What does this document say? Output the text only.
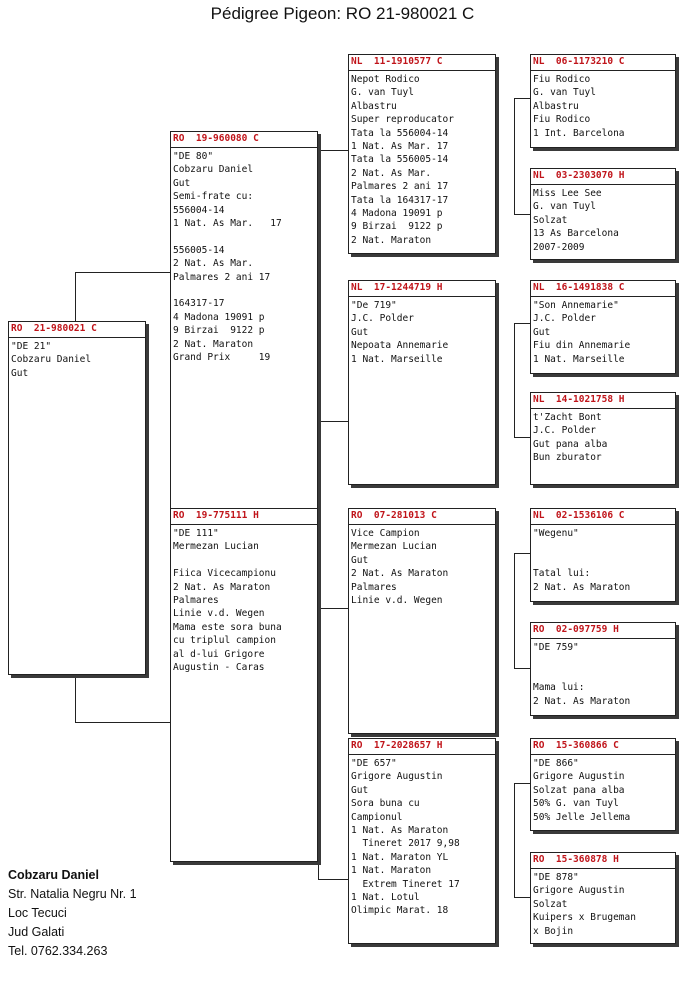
Pédigree Pigeon: RO 21-980021 C
RO  21-980021 C
"DE 21"
Cobzaru Daniel
Gut
RO  19-960080 C
"DE 80"
Cobzaru Daniel
Gut
Semi-frate cu:
556004-14
1 Nat. As Mar.   17
556005-14
2 Nat. As Mar.
Palmares 2 ani 17
164317-17
4 Madona 19091 p
9 Birzai  9122 p
2 Nat. Maraton
Grand Prix     19
RO  19-775111 H
"DE 111"
Mermezan Lucian
Fiica Vicecampionu
2 Nat. As Maraton
Palmares
Linie v.d. Wegen
Mama este sora buna
cu triplul campion
al d-lui Grigore
Augustin - Caras
NL  11-1910577 C
Nepot Rodico
G. van Tuyl
Albastru
Super reproducator
Tata la 556004-14
1 Nat. As Mar. 17
Tata la 556005-14
2 Nat. As Mar.
Palmares 2 ani 17
Tata la 164317-17
4 Madona 19091 p
9 Birzai  9122 p
2 Nat. Maraton
NL  17-1244719 H
"De 719"
J.C. Polder
Gut
Nepoata Annemarie
1 Nat. Marseille
RO  07-281013 C
Vice Campion
Mermezan Lucian
Gut
2 Nat. As Maraton
Palmares
Linie v.d. Wegen
RO  17-2028657 H
"DE 657"
Grigore Augustin
Gut
Sora buna cu
Campionul
1 Nat. As Maraton
Tineret 2017 9,98
1 Nat. Maraton YL
1 Nat. Maraton
Extrem Tineret 17
1 Nat. Lotul
Olimpic Marat. 18
NL  06-1173210 C
Fiu Rodico
G. van Tuyl
Albastru
Fiu Rodico
1 Int. Barcelona
NL  03-2303070 H
Miss Lee See
G. van Tuyl
Solzat
13 As Barcelona
2007-2009
NL  16-1491838 C
"Son Annemarie"
J.C. Polder
Gut
Fiu din Annemarie
1 Nat. Marseille
NL  14-1021758 H
t'Zacht Bont
J.C. Polder
Gut pana alba
Bun zburator
NL  02-1536106 C
"Wegenu"
Tatal lui:
2 Nat. As Maraton
RO  02-097759 H
"DE 759"
Mama lui:
2 Nat. As Maraton
RO  15-360866 C
"DE 866"
Grigore Augustin
Solzat pana alba
50% G. van Tuyl
50% Jelle Jellema
RO  15-360878 H
"DE 878"
Grigore Augustin
Solzat
Kuipers x Brugeman
x Bojin
Cobzaru Daniel
Str. Natalia Negru Nr. 1
Loc Tecuci
Jud Galati
Tel. 0762.334.263
